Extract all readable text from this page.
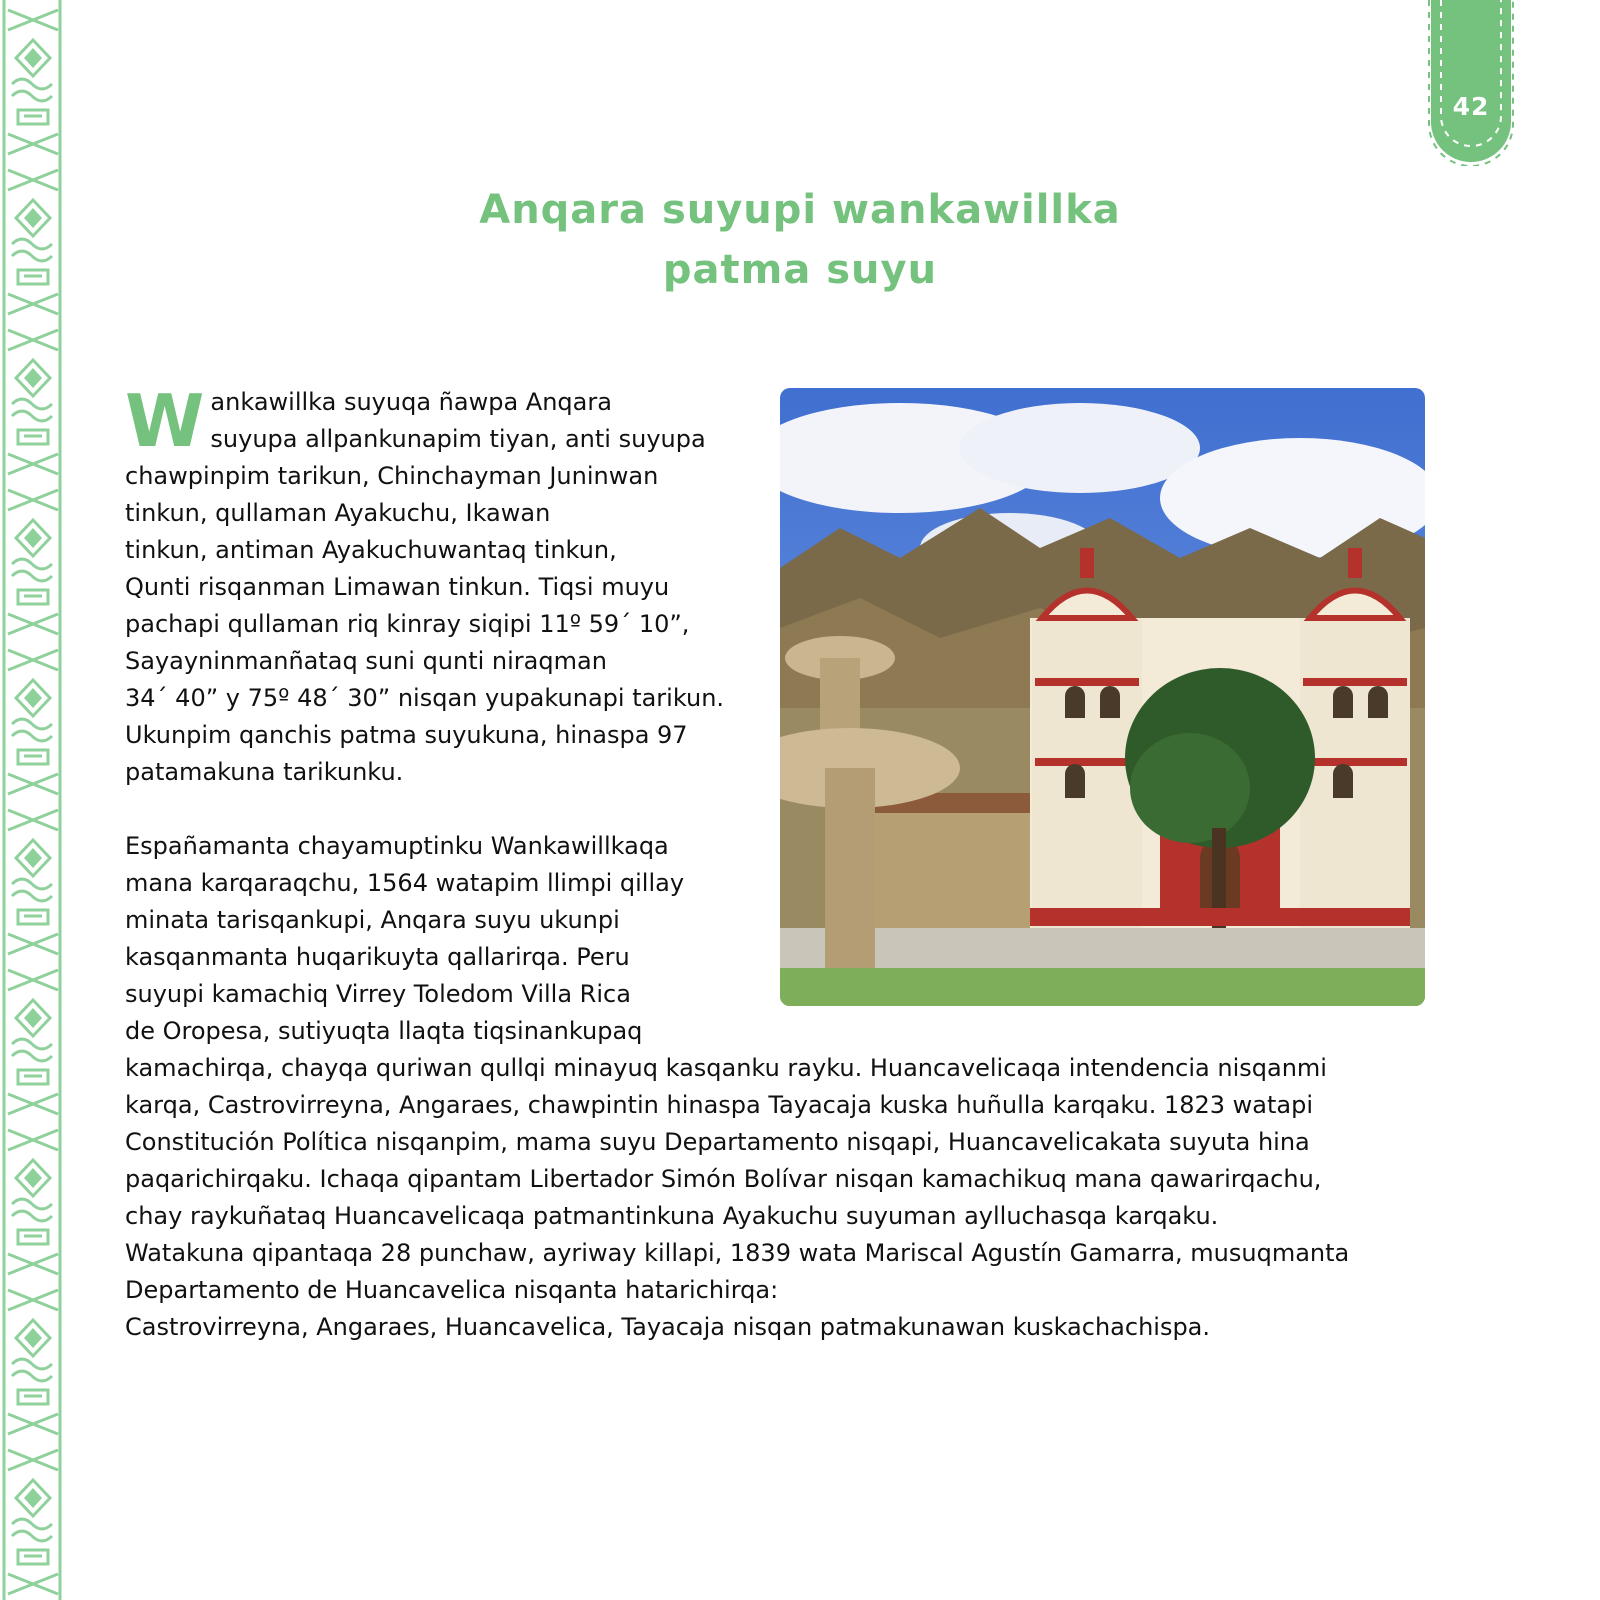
42
Anqara suyupi wankawillka
patma suyu

W ankawillka suyuqa ñawpa Anqara
suyupa allpankunapim tiyan, anti suyupa
chawpinpim tarikun, Chinchayman Juninwan
tinkun, qullaman Ayakuchu, Ikawan
tinkun, antiman Ayakuchuwantaq tinkun,
Qunti risqanman Limawan tinkun. Tiqsi muyu
pachapi qullaman riq kinray siqipi 11º 59´ 10”,
Sayayninmanñataq suni qunti niraqman
34´ 40” y 75º 48´ 30” nisqan yupakunapi tarikun.
Ukunpim qanchis patma suyukuna, hinaspa 97
patamakuna tarikunku.

Españamanta chayamuptinku Wankawillkaqa
mana karqaraqchu, 1564 watapim llimpi qillay
minata tarisqankupi, Anqara suyu ukunpi
kasqanmanta huqarikuyta qallarirqa. Peru
suyupi kamachiq Virrey Toledom Villa Rica
de Oropesa, sutiyuqta llaqta tiqsinankupaq
kamachirqa, chayqa quriwan qullqi minayuq kasqanku rayku. Huancavelicaqa intendencia nisqanmi
karqa, Castrovirreyna, Angaraes, chawpintin hinaspa Tayacaja kuska huñulla karqaku. 1823 watapi
Constitución Política nisqanpim, mama suyu Departamento nisqapi, Huancavelicakata suyuta hina
paqarichirqaku. Ichaqa qipantam Libertador Simón Bolívar nisqan kamachikuq mana qawarirqachu,
chay raykuñataq Huancavelicaqa patmantinkuna Ayakuchu suyuman aylluchasqa karqaku.
Watakuna qipantaqa 28 punchaw, ayriway killapi, 1839 wata Mariscal Agustín Gamarra, musuqmanta
Departamento de Huancavelica nisqanta hatarichirqa:
Castrovirreyna, Angaraes, Huancavelica, Tayacaja nisqan patmakunawan kuskachachispa.
